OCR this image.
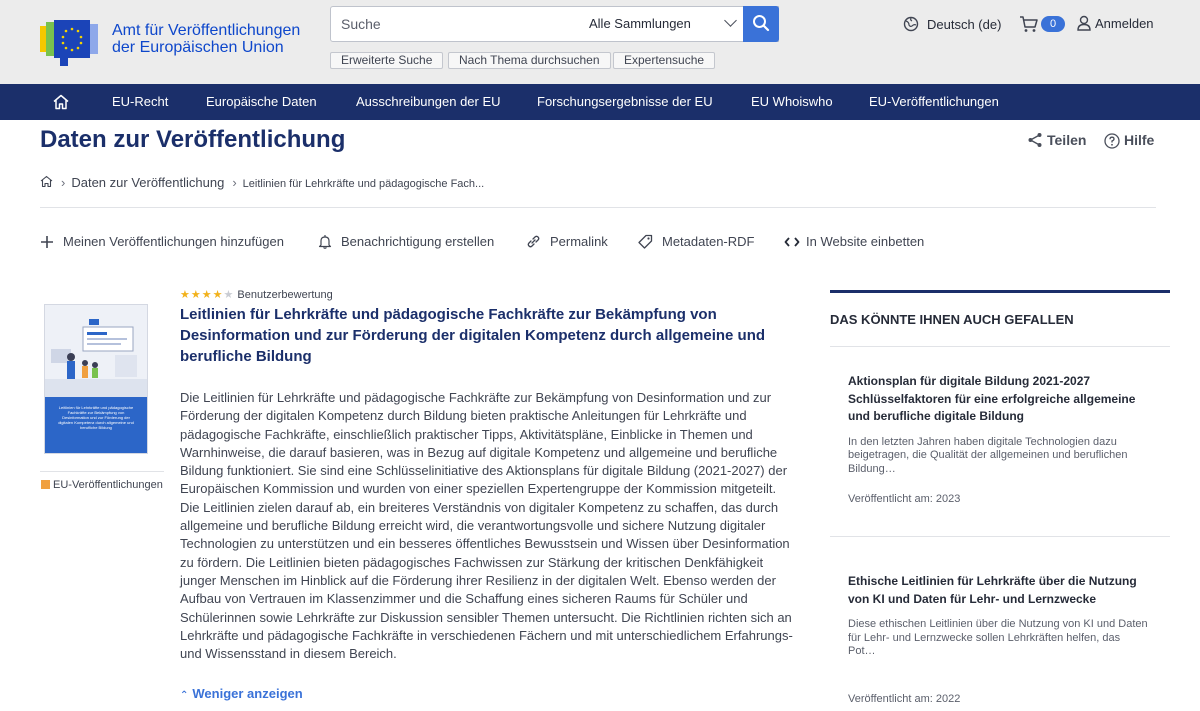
Amt für Veröffentlichungen
der Europäischen Union
Suche
Alle Sammlungen
Erweiterte Suche	Nach Thema durchsuchen	Expertensuche
Deutsch (de)	0	Anmelden
EU-Recht	Europäische Daten	Ausschreibungen der EU	Forschungsergebnisse der EU	EU Whoiswho	EU-Veröffentlichungen
Daten zur Veröffentlichung	Teilen	Hilfe
› Daten zur Veröffentlichung › Leitlinien für Lehrkräfte und pädagogische Fach...
Meinen Veröffentlichungen hinzufügen	Benachrichtigung erstellen	Permalink	Metadaten-RDF	In Website einbetten
Leitlinien für Lehrkräfte und pädagogische Fachkräfte zur Bekämpfung von Desinformation und zur Förderung der digitalen Kompetenz durch allgemeine und berufliche Bildung
EU-Veröffentlichungen
★★★★★ Benutzerbewertung
Leitlinien für Lehrkräfte und pädagogische Fachkräfte zur Bekämpfung von Desinformation und zur Förderung der digitalen Kompetenz durch allgemeine und berufliche Bildung

Die Leitlinien für Lehrkräfte und pädagogische Fachkräfte zur Bekämpfung von Desinformation und zur Förderung der digitalen Kompetenz durch Bildung bieten praktische Anleitungen für Lehrkräfte und pädagogische Fachkräfte, einschließlich praktischer Tipps, Aktivitätspläne, Einblicke in Themen und Warnhinweise, die darauf basieren, was in Bezug auf digitale Kompetenz und allgemeine und berufliche Bildung funktioniert. Sie sind eine Schlüsselinitiative des Aktionsplans für digitale Bildung (2021-2027) der Europäischen Kommission und wurden von einer speziellen Expertengruppe der Kommission mitgeteilt. Die Leitlinien zielen darauf ab, ein breiteres Verständnis von digitaler Kompetenz zu schaffen, das durch allgemeine und berufliche Bildung erreicht wird, die verantwortungsvolle und sichere Nutzung digitaler Technologien zu unterstützen und ein besseres öffentliches Bewusstsein und Wissen über Desinformation zu fördern. Die Leitlinien bieten pädagogisches Fachwissen zur Stärkung der kritischen Denkfähigkeit junger Menschen im Hinblick auf die Förderung ihrer Resilienz in der digitalen Welt. Ebenso werden der Aufbau von Vertrauen im Klassenzimmer und die Schaffung eines sicheren Raums für Schüler und Schülerinnen sowie Lehrkräfte zur Diskussion sensibler Themen untersucht. Die Richtlinien richten sich an Lehrkräfte und pädagogische Fachkräfte in verschiedenen Fächern und mit unterschiedlichem Erfahrungs- und Wissensstand in diesem Bereich.

⌃ Weniger anzeigen
DAS KÖNNTE IHNEN AUCH GEFALLEN
Aktionsplan für digitale Bildung 2021-2027 Schlüsselfaktoren für eine erfolgreiche allgemeine und berufliche digitale Bildung
In den letzten Jahren haben digitale Technologien dazu beigetragen, die Qualität der allgemeinen und beruflichen Bildung…
Veröffentlicht am: 2023
Ethische Leitlinien für Lehrkräfte über die Nutzung von KI und Daten für Lehr- und Lernzwecke
Diese ethischen Leitlinien über die Nutzung von KI und Daten für Lehr- und Lernzwecke sollen Lehrkräften helfen, das Pot…
Veröffentlicht am: 2022
